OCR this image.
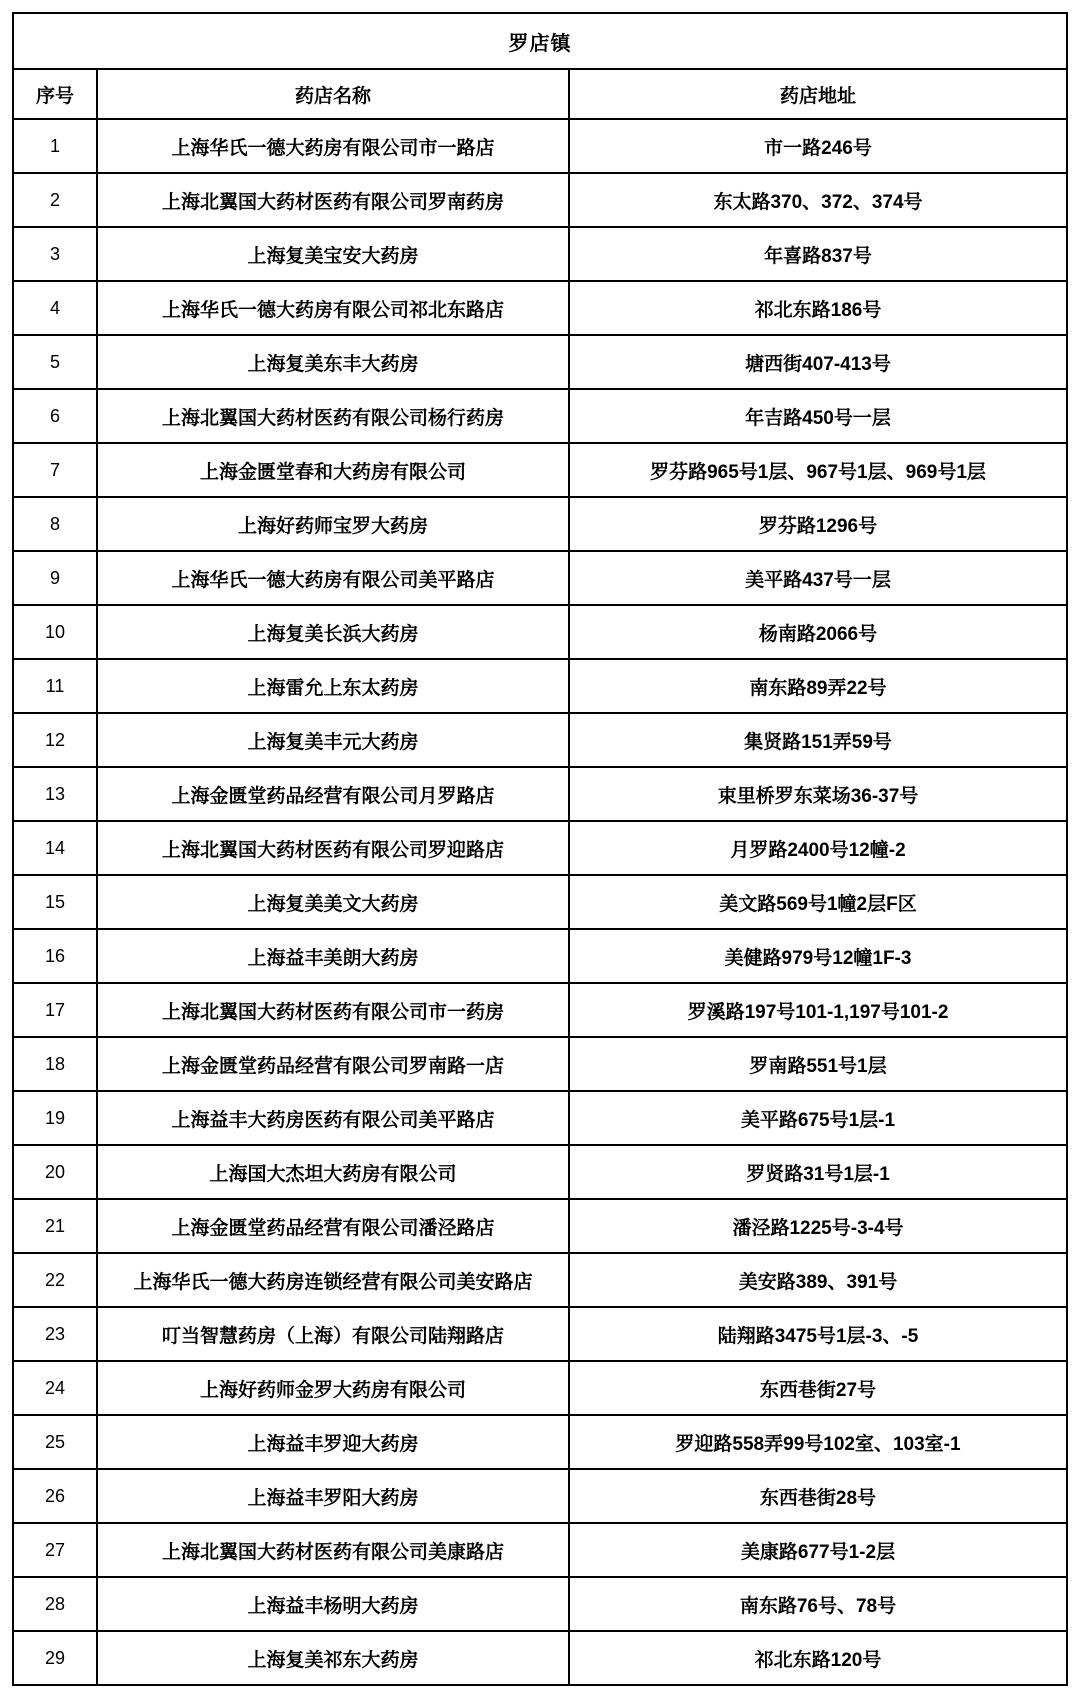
罗店镇		
序号	药店名称	药店地址
1	上海华氏一德大药房有限公司市一路店	市一路246号
2	上海北翼国大药材医药有限公司罗南药房	东太路370、372、374号
3	上海复美宝安大药房	年喜路837号
4	上海华氏一德大药房有限公司祁北东路店	祁北东路186号
5	上海复美东丰大药房	塘西街407-413号
6	上海北翼国大药材医药有限公司杨行药房	年吉路450号一层
7	上海金匮堂春和大药房有限公司	罗芬路965号1层、967号1层、969号1层
8	上海好药师宝罗大药房	罗芬路1296号
9	上海华氏一德大药房有限公司美平路店	美平路437号一层
10	上海复美长浜大药房	杨南路2066号
11	上海雷允上东太药房	南东路89弄22号
12	上海复美丰元大药房	集贤路151弄59号
13	上海金匮堂药品经营有限公司月罗路店	束里桥罗东菜场36-37号
14	上海北翼国大药材医药有限公司罗迎路店	月罗路2400号12幢-2
15	上海复美美文大药房	美文路569号1幢2层F区
16	上海益丰美朗大药房	美健路979号12幢1F-3
17	上海北翼国大药材医药有限公司市一药房	罗溪路197号101-1,197号101-2
18	上海金匮堂药品经营有限公司罗南路一店	罗南路551号1层
19	上海益丰大药房医药有限公司美平路店	美平路675号1层-1
20	上海国大杰坦大药房有限公司	罗贤路31号1层-1
21	上海金匮堂药品经营有限公司潘泾路店	潘泾路1225号-3-4号
22	上海华氏一德大药房连锁经营有限公司美安路店	美安路389、391号
23	叮当智慧药房（上海）有限公司陆翔路店	陆翔路3475号1层-3、-5
24	上海好药师金罗大药房有限公司	东西巷街27号
25	上海益丰罗迎大药房	罗迎路558弄99号102室、103室-1
26	上海益丰罗阳大药房	东西巷街28号
27	上海北翼国大药材医药有限公司美康路店	美康路677号1-2层
28	上海益丰杨明大药房	南东路76号、78号
29	上海复美祁东大药房	祁北东路120号
